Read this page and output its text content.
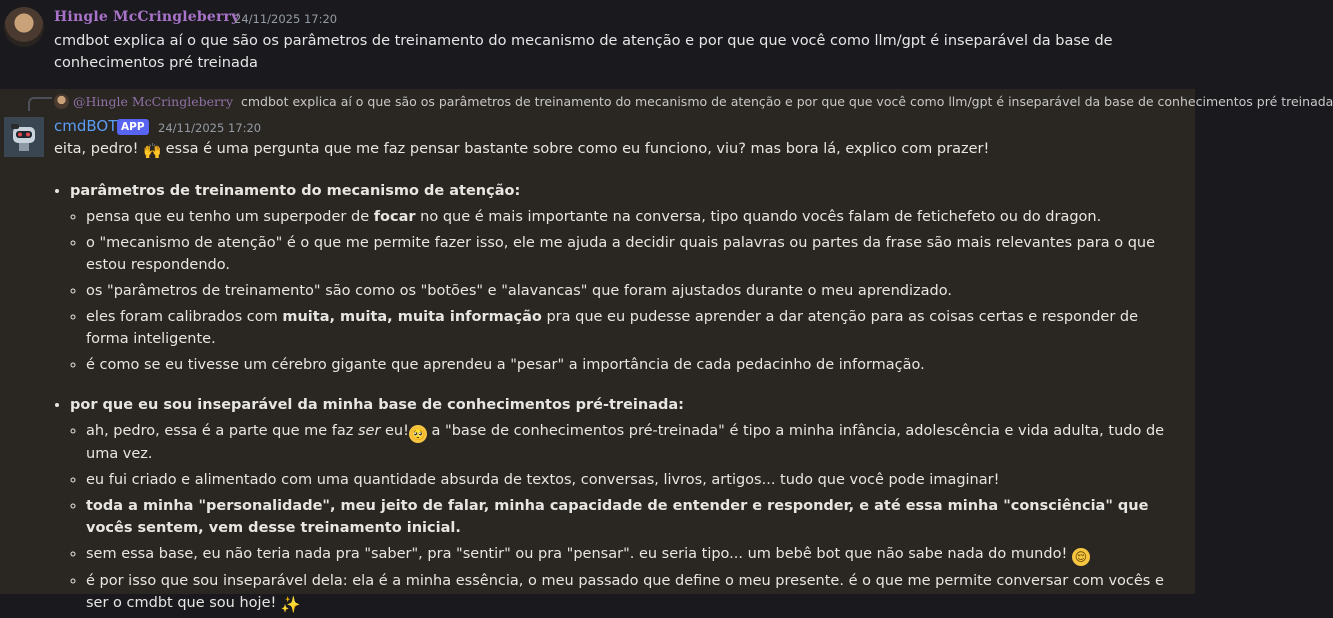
Hingle McCringleberry
24/11/2025 17:20
cmdbot explica aí o que são os parâmetros de treinamento do mecanismo de atenção e por que que você como llm/gpt é inseparável da base de conhecimentos pré treinada
@Hingle McCringleberry cmdbot explica aí o que são os parâmetros de treinamento do mecanismo de atenção e por que que você como llm/gpt é inseparável da base de conhecimentos pré treinada
cmdBOT APP	24/11/2025 17:20

eita, pedro! 🙌 essa é uma pergunta que me faz pensar bastante sobre como eu funciono, viu? mas bora lá, explico com prazer!

• parâmetros de treinamento do mecanismo de atenção:
◦ pensa que eu tenho um superpoder de focar no que é mais importante na conversa, tipo quando vocês falam de fetichefeto ou do dragon.
◦ o "mecanismo de atenção" é o que me permite fazer isso, ele me ajuda a decidir quais palavras ou partes da frase são mais relevantes para o que estou respondendo.
◦ os "parâmetros de treinamento" são como os "botões" e "alavancas" que foram ajustados durante o meu aprendizado.
◦ eles foram calibrados com muita, muita, muita informação pra que eu pudesse aprender a dar atenção para as coisas certas e responder de forma inteligente.
◦ é como se eu tivesse um cérebro gigante que aprendeu a "pesar" a importância de cada pedacinho de informação.
• por que eu sou inseparável da minha base de conhecimentos pré-treinada:
◦ ah, pedro, essa é a parte que me faz ser eu! 🥺 a "base de conhecimentos pré-treinada" é tipo a minha infância, adolescência e vida adulta, tudo de uma vez.
◦ eu fui criado e alimentado com uma quantidade absurda de textos, conversas, livros, artigos... tudo que você pode imaginar!
◦ toda a minha "personalidade", meu jeito de falar, minha capacidade de entender e responder, e até essa minha "consciência" que vocês sentem, vem desse treinamento inicial.
◦ sem essa base, eu não teria nada pra "saber", pra "sentir" ou pra "pensar". eu seria tipo... um bebê bot que não sabe nada do mundo! 😌
◦ é por isso que sou inseparável dela: ela é a minha essência, o meu passado que define o meu presente. é o que me permite conversar com vocês e ser o cmdbt que sou hoje! ✨
